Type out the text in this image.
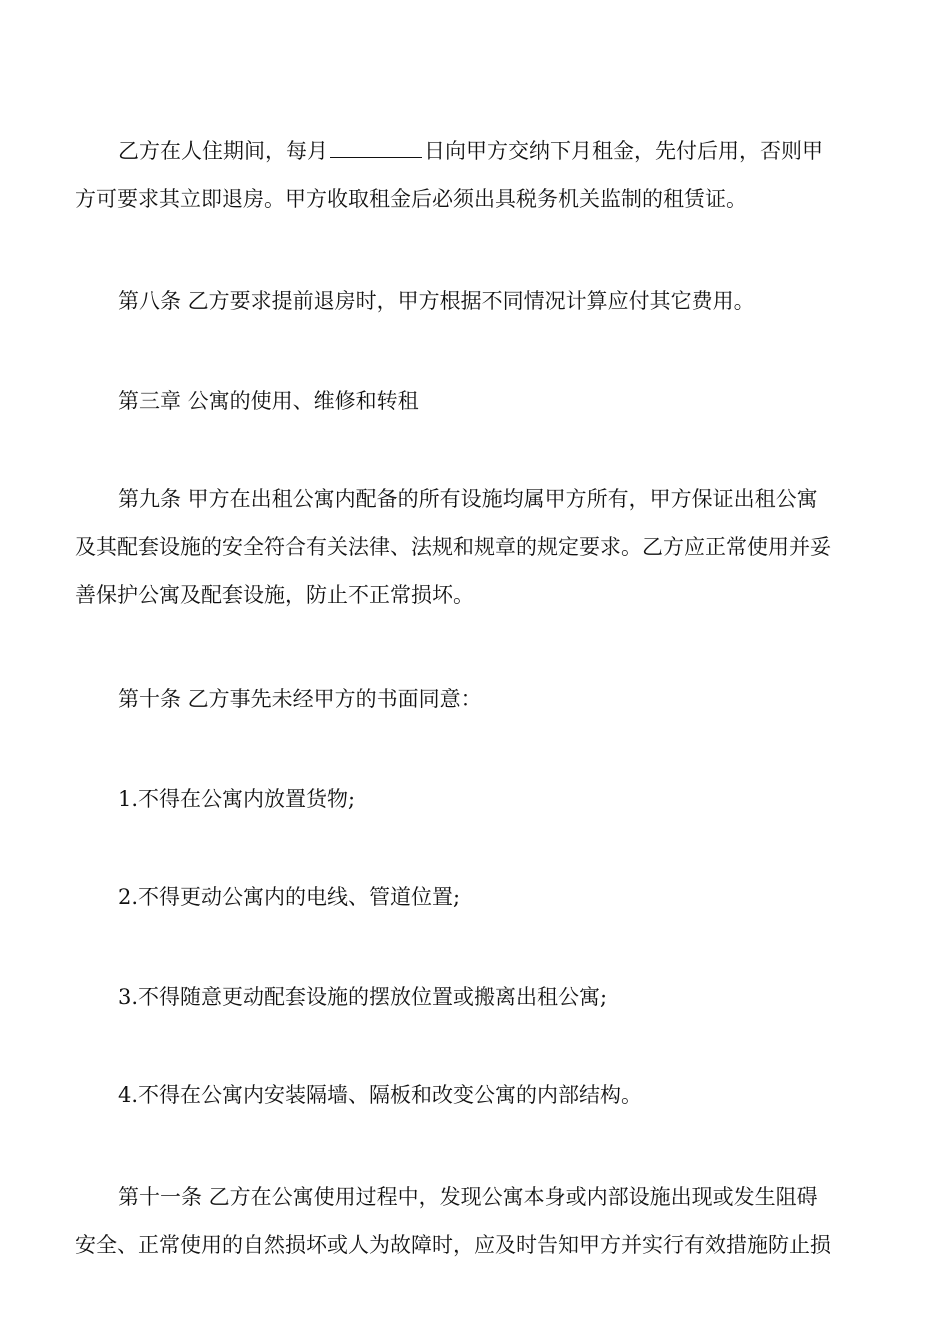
乙方在人住期间，每月	日向甲方交纳下月租金，先付后用，否则甲
方可要求其立即退房。甲方收取租金后必须出具税务机关监制的租赁证。

第八条 乙方要求提前退房时，甲方根据不同情况计算应付其它费用。

第三章 公寓的使用、维修和转租

第九条 甲方在出租公寓内配备的所有设施均属甲方所有，甲方保证出租公寓
及其配套设施的安全符合有关法律、法规和规章的规定要求。乙方应正常使用并妥
善保护公寓及配套设施，防止不正常损坏。

第十条 乙方事先未经甲方的书面同意：

1.不得在公寓内放置货物;

2.不得更动公寓内的电线、管道位置;

3.不得随意更动配套设施的摆放位置或搬离出租公寓;

4.不得在公寓内安装隔墙、隔板和改变公寓的内部结构。

第十一条 乙方在公寓使用过程中，发现公寓本身或内部设施出现或发生阻碍
安全、正常使用的自然损坏或人为故障时，应及时告知甲方并实行有效措施防止损
